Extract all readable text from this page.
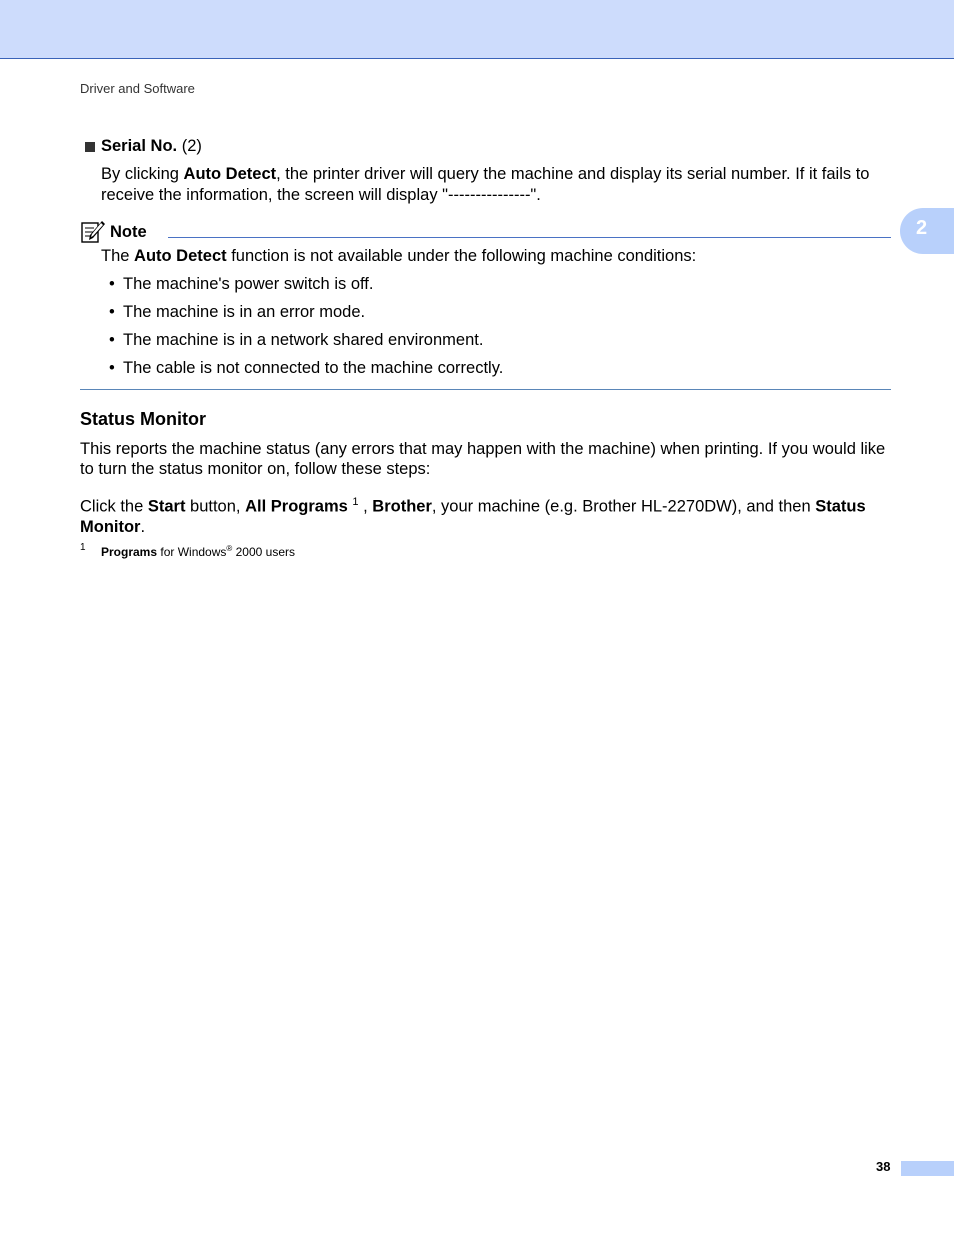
Driver and Software
2
Serial No. (2)

By clicking Auto Detect, the printer driver will query the machine and display its serial number. If it fails to receive the information, the screen will display "---------------".

Note

The Auto Detect function is not available under the following machine conditions:

• The machine's power switch is off.
• The machine is in an error mode.
• The machine is in a network shared environment.
• The cable is not connected to the machine correctly.
Status Monitor

This reports the machine status (any errors that may happen with the machine) when printing. If you would like to turn the status monitor on, follow these steps:

Click the Start button, All Programs $^1$ , Brother, your machine (e.g. Brother HL-2270DW), and then Status Monitor.

1 Programs for Windows® 2000 users
38
